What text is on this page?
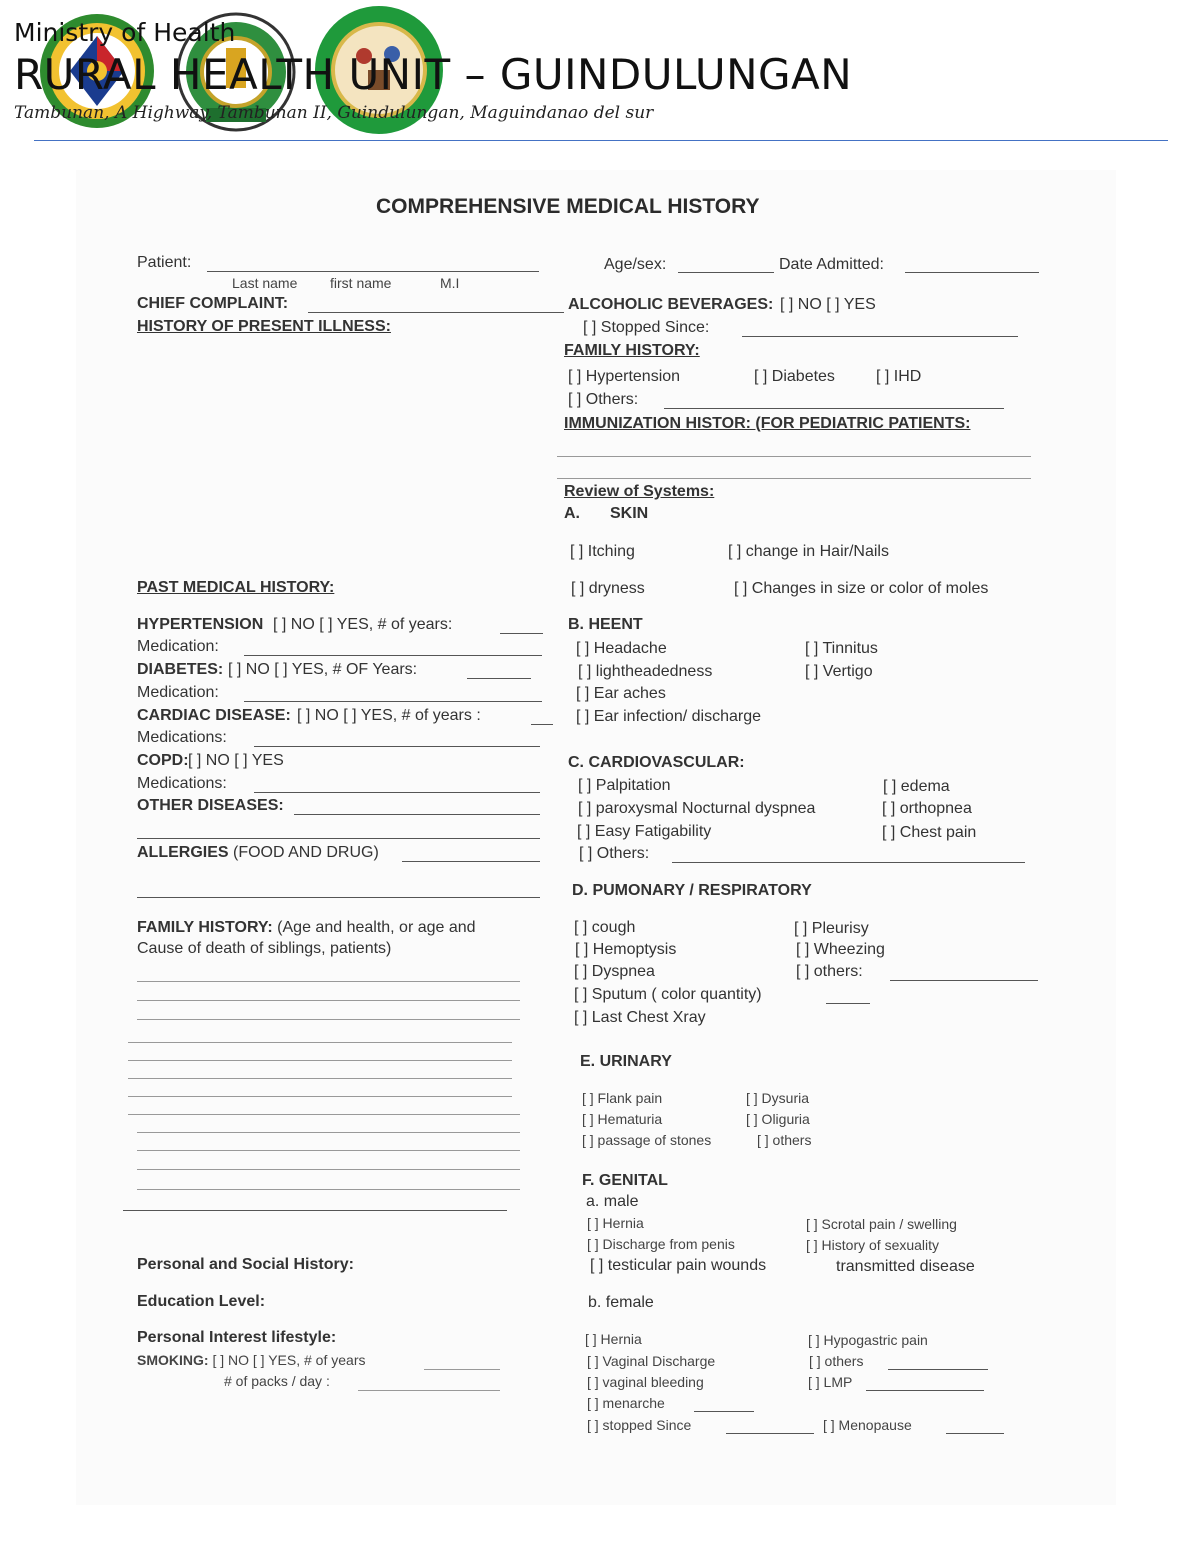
Ministry of Health
RURAL HEALTH UNIT – GUINDULUNGAN
Tambunan, A Highway, Tambunan II, Guindulungan, Maguindanao del sur
COMPREHENSIVE MEDICAL HISTORY
Patient:
Last name first name	M.I
Age/sex:	Date Admitted:
CHIEF COMPLAINT:
HISTORY OF PRESENT ILLNESS:
ALCOHOLIC BEVERAGES: [ ] NO [ ] YES
[ ] Stopped Since:
FAMILY HISTORY:
[ ] Hypertension	[ ] Diabetes	[ ] IHD
[ ] Others:
IMMUNIZATION HISTOR: (FOR PEDIATRIC PATIENTS:
Review of Systems:
A. SKIN
[ ] Itching	[ ] change in Hair/Nails
[ ] dryness	[ ] Changes in size or color of moles
B. HEENT
[ ] Headache	[ ] Tinnitus
[ ] lightheadedness	[ ] Vertigo
[ ] Ear aches
[ ] Ear infection/ discharge
C. CARDIOVASCULAR:
[ ] Palpitation	[ ] edema
[ ] paroxysmal Nocturnal dyspnea	[ ] orthopnea
[ ] Easy Fatigability	[ ] Chest pain
[ ] Others:
D. PUMONARY / RESPIRATORY
[ ] cough	[ ] Pleurisy
[ ] Hemoptysis	[ ] Wheezing
[ ] Dyspnea	[ ] others:
[ ] Sputum ( color quantity)
[ ] Last Chest Xray
E. URINARY
[ ] Flank pain	[ ] Dysuria
[ ] Hematuria	[ ] Oliguria
[ ] passage of stones	[ ] others
F. GENITAL
a. male
[ ] Hernia	[ ] Scrotal pain / swelling
[ ] Discharge from penis	[ ] History of sexuality
[ ] testicular pain wounds	transmitted disease
b. female
[ ] Hernia	[ ] Hypogastric pain
[ ] Vaginal Discharge	[ ] others
[ ] vaginal bleeding	[ ] LMP
[ ] menarche
[ ] stopped Since	[ ] Menopause
PAST MEDICAL HISTORY:
HYPERTENSION [ ] NO [ ] YES, # of years:
Medication:
DIABETES: [ ] NO [ ] YES, # OF Years:
Medication:
CARDIAC DISEASE: [ ] NO [ ] YES, # of years :
Medications:
COPD: [ ] NO [ ] YES
Medications:
OTHER DISEASES:
ALLERGIES (FOOD AND DRUG)
FAMILY HISTORY: (Age and health, or age and
Cause of death of siblings, patients)
Personal and Social History:
Education Level:
Personal Interest lifestyle:
SMOKING: [ ] NO [ ] YES, # of years
# of packs / day :
